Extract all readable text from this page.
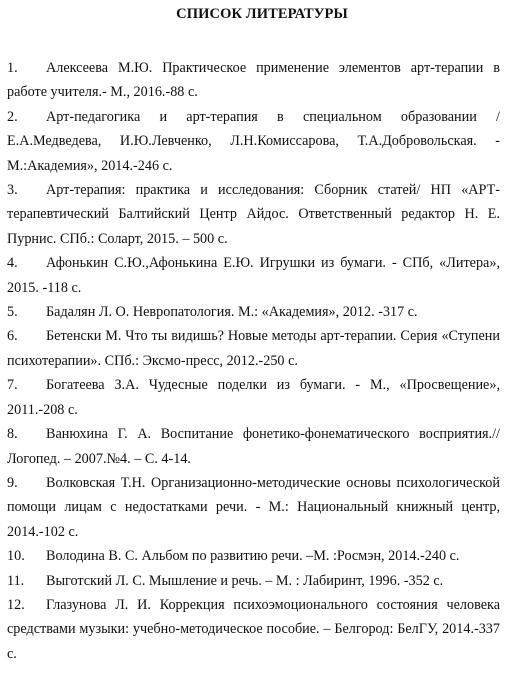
СПИСОК ЛИТЕРАТУРЫ

1. Алексеева М.Ю. Практическое применение элементов арт-терапии в работе учителя.- М., 2016.-88 с.

2. Арт-педагогика и арт-терапия в специальном образовании / Е.А.Медведева, И.Ю.Левченко, Л.Н.Комиссарова, Т.А.Добровольская. - М.:Академия», 2014.-246 с.

3. Арт-терапия: практика и исследования: Сборник статей/ НП «АРТ-терапевтический Балтийский Центр Айдос. Ответственный редактор Н. Е. Пурнис. СПб.: Соларт, 2015. – 500 с.

4. Афонькин С.Ю.,Афонькина Е.Ю. Игрушки из бумаги. - СПб, «Литера», 2015. -118 с.

5. Бадалян Л. О. Невропатология. М.: «Академия», 2012. -317 с.

6. Бетенски М. Что ты видишь? Новые методы арт-терапии. Серия «Ступени психотерапии». СПб.: Эксмо-пресс, 2012.-250 с.

7. Богатеева З.А. Чудесные поделки из бумаги. - М., «Просвещение», 2011.-208 с.

8. Ванюхина Г. А. Воспитание фонетико-фонематического восприятия.// Логопед. – 2007.№4. – С. 4-14.

9. Волковская Т.Н. Организационно-методические основы психологической помощи лицам с недостатками речи. - М.: Национальный книжный центр, 2014.-102 с.

10. Володина В. С. Альбом по развитию речи. –М. :Росмэн, 2014.-240 с.

11. Выготский Л. С. Мышление и речь. – М. : Лабиринт, 1996. -352 с.

12. Глазунова Л. И. Коррекция психоэмоционального состояния человека средствами музыки: учебно-методическое пособие. – Белгород: БелГУ, 2014.-337 с.
